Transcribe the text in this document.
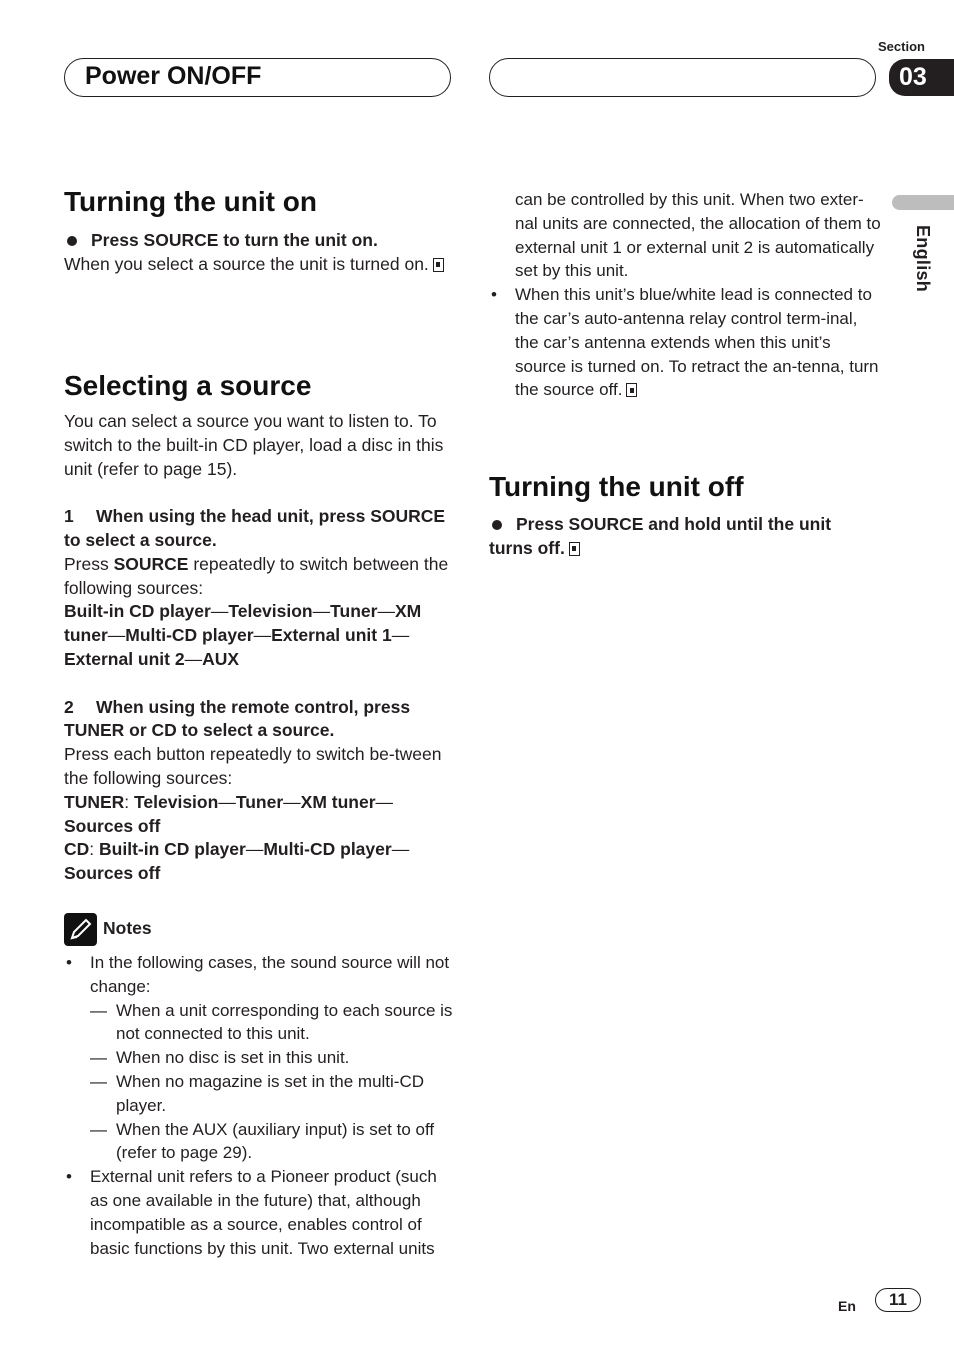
Power ON/OFF
Section
03
English
Turning the unit on

Press SOURCE to turn the unit on.

When you select a source the unit is turned on.

Selecting a source

You can select a source you want to listen to. To switch to the built-in CD player, load a disc in this unit (refer to page 15).

1 When using the head unit, press SOURCE to select a source.

Press SOURCE repeatedly to switch between the following sources:

Built-in CD player—Television—Tuner—XM tuner—Multi-CD player—External unit 1—
External unit 2—AUX

2 When using the remote control, press TUNER or CD to select a source.

Press each button repeatedly to switch be-tween the following sources:

TUNER: Television—Tuner—XM tuner—
Sources off

CD: Built-in CD player—Multi-CD player—
Sources off

Notes
• In the following cases, the sound source will not change:
— When a unit corresponding to each source is not connected to this unit.
— When no disc is set in this unit.
— When no magazine is set in the multi-CD player.
— When the AUX (auxiliary input) is set to off (refer to page 29).
• External unit refers to a Pioneer product (such as one available in the future) that, although incompatible as a source, enables control of basic functions by this unit. Two external units

can be controlled by this unit. When two exter-nal units are connected, the allocation of them to external unit 1 or external unit 2 is automatically set by this unit.

• When this unit’s blue/white lead is connected to the car’s auto-antenna relay control term-inal, the car’s antenna extends when this unit’s source is turned on. To retract the an-tenna, turn the source off.
Turning the unit off

Press SOURCE and hold until the unit turns off.

En	11
